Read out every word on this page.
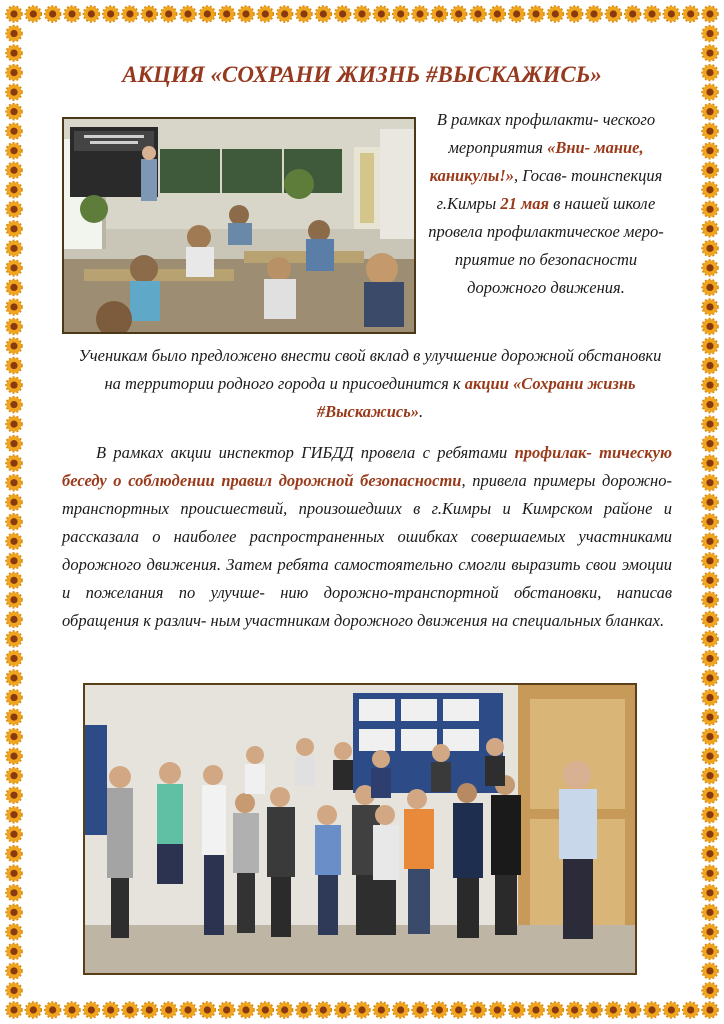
АКЦИЯ «СОХРАНИ ЖИЗНЬ #ВЫСКАЖИСЬ»

В рамках профилакти- ческого мероприятия «Вни- мание, каникулы!», Госав- тоинспекция г.Кимры 21 мая в нашей школе провела профилактическое меро- приятие по безопасности дорожного движения.

Ученикам было предложено внести свой вклад в улучшение дорожной обстановки на территории родного города и присоединится к акции «Сохрани жизнь #Выскажись».

В рамках акции инспектор ГИБДД провела с ребятами профилак- тическую беседу о соблюдении правил дорожной безопасности, привела примеры дорожно-транспортных происшествий, произошедших в г.Кимры и Кимрском районе и рассказала о наиболее распространенных ошибках совершаемых участниками дорожного движения. Затем ребята самостоятельно смогли выразить свои эмоции и пожелания по улучше- нию дорожно-транспортной обстановки, написав обращения к различ- ным участникам дорожного движения на специальных бланках.
